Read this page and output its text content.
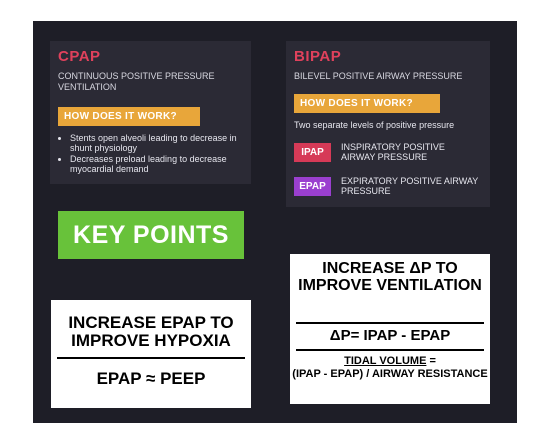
CPAP
CONTINUOUS POSITIVE PRESSURE VENTILATION
HOW DOES IT WORK?
• Stents open alveoli leading to decrease in shunt physiology
• Decreases preload leading to decrease myocardial demand
BIPAP
BILEVEL POSITIVE AIRWAY PRESSURE
HOW DOES IT WORK?
Two separate levels of positive pressure
IPAP	INSPIRATORY POSITIVE AIRWAY PRESSURE
EPAP	EXPIRATORY POSITIVE AIRWAY PRESSURE
KEY POINTS
INCREASE EPAP TO IMPROVE HYPOXIA
EPAP ≈ PEEP
INCREASE ΔP TO IMPROVE VENTILATION
ΔP= IPAP - EPAP
TIDAL VOLUME =
(IPAP - EPAP) / AIRWAY RESISTANCE
